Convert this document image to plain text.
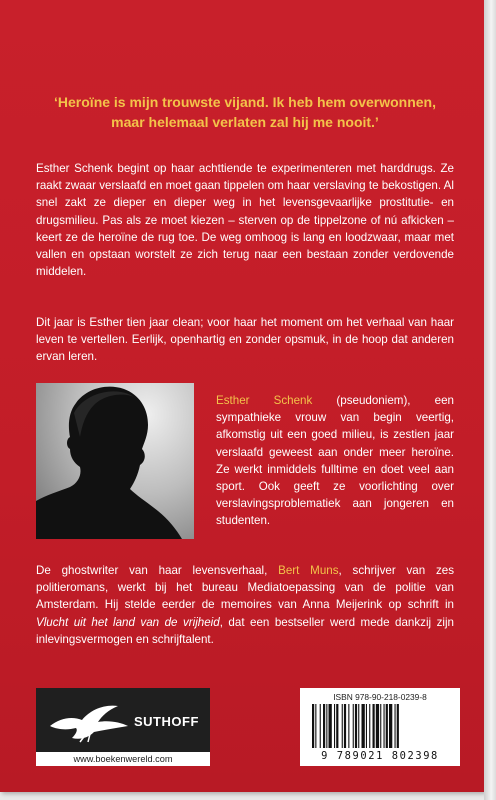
‘Heroïne is mijn trouwste vijand. Ik heb hem overwonnen,
maar helemaal verlaten zal hij me nooit.’

Esther Schenk begint op haar achttiende te experimenteren met harddrugs. Ze raakt zwaar verslaafd en moet gaan tippelen om haar verslaving te bekostigen. Al snel zakt ze dieper en dieper weg in het levensgevaarlijke prostitutie- en drugsmilieu. Pas als ze moet kiezen – sterven op de tippelzone of nú afkicken – keert ze de heroïne de rug toe. De weg omhoog is lang en loodzwaar, maar met vallen en opstaan worstelt ze zich terug naar een bestaan zonder verdovende middelen.

Dit jaar is Esther tien jaar clean; voor haar het moment om het verhaal van haar leven te vertellen. Eerlijk, openhartig en zonder opsmuk, in de hoop dat anderen ervan leren.

Esther Schenk (pseudoniem), een sympathieke vrouw van begin veertig, afkomstig uit een goed milieu, is zestien jaar verslaafd geweest aan onder meer heroïne. Ze werkt inmiddels fulltime en doet veel aan sport. Ook geeft ze voorlichting over verslavingsproblematiek aan jongeren en studenten.

De ghostwriter van haar levensverhaal, Bert Muns, schrijver van zes politieromans, werkt bij het bureau Mediatoepassing van de politie van Amsterdam. Hij stelde eerder de memoires van Anna Meijerink op schrift in Vlucht uit het land van de vrijheid, dat een bestseller werd mede dankzij zijn inlevingsvermogen en schrijftalent.

SUTHOFF

www.boekenwereld.com

ISBN 978-90-218-0239-8

9 789021 802398
